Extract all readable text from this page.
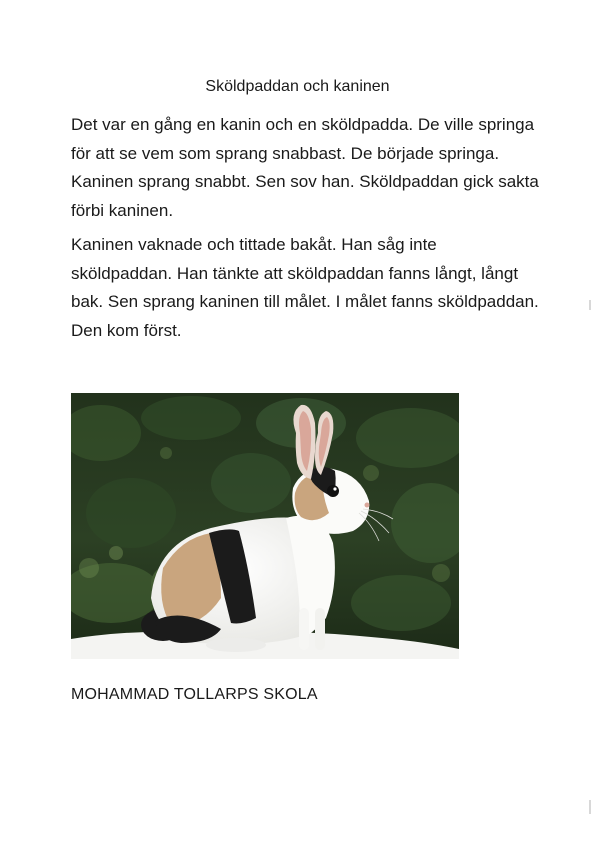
Sköldpaddan och kaninen

Det var en gång en kanin och en sköldpadda. De ville springa för att se vem som sprang snabbast. De började springa. Kaninen sprang snabbt. Sen sov han. Sköldpaddan gick sakta förbi kaninen.

Kaninen vaknade och tittade bakåt. Han såg inte sköldpaddan. Han tänkte att sköldpaddan fanns långt, långt bak. Sen sprang kaninen till målet. I målet fanns sköldpaddan. Den kom först.

MOHAMMAD TOLLARPS SKOLA
